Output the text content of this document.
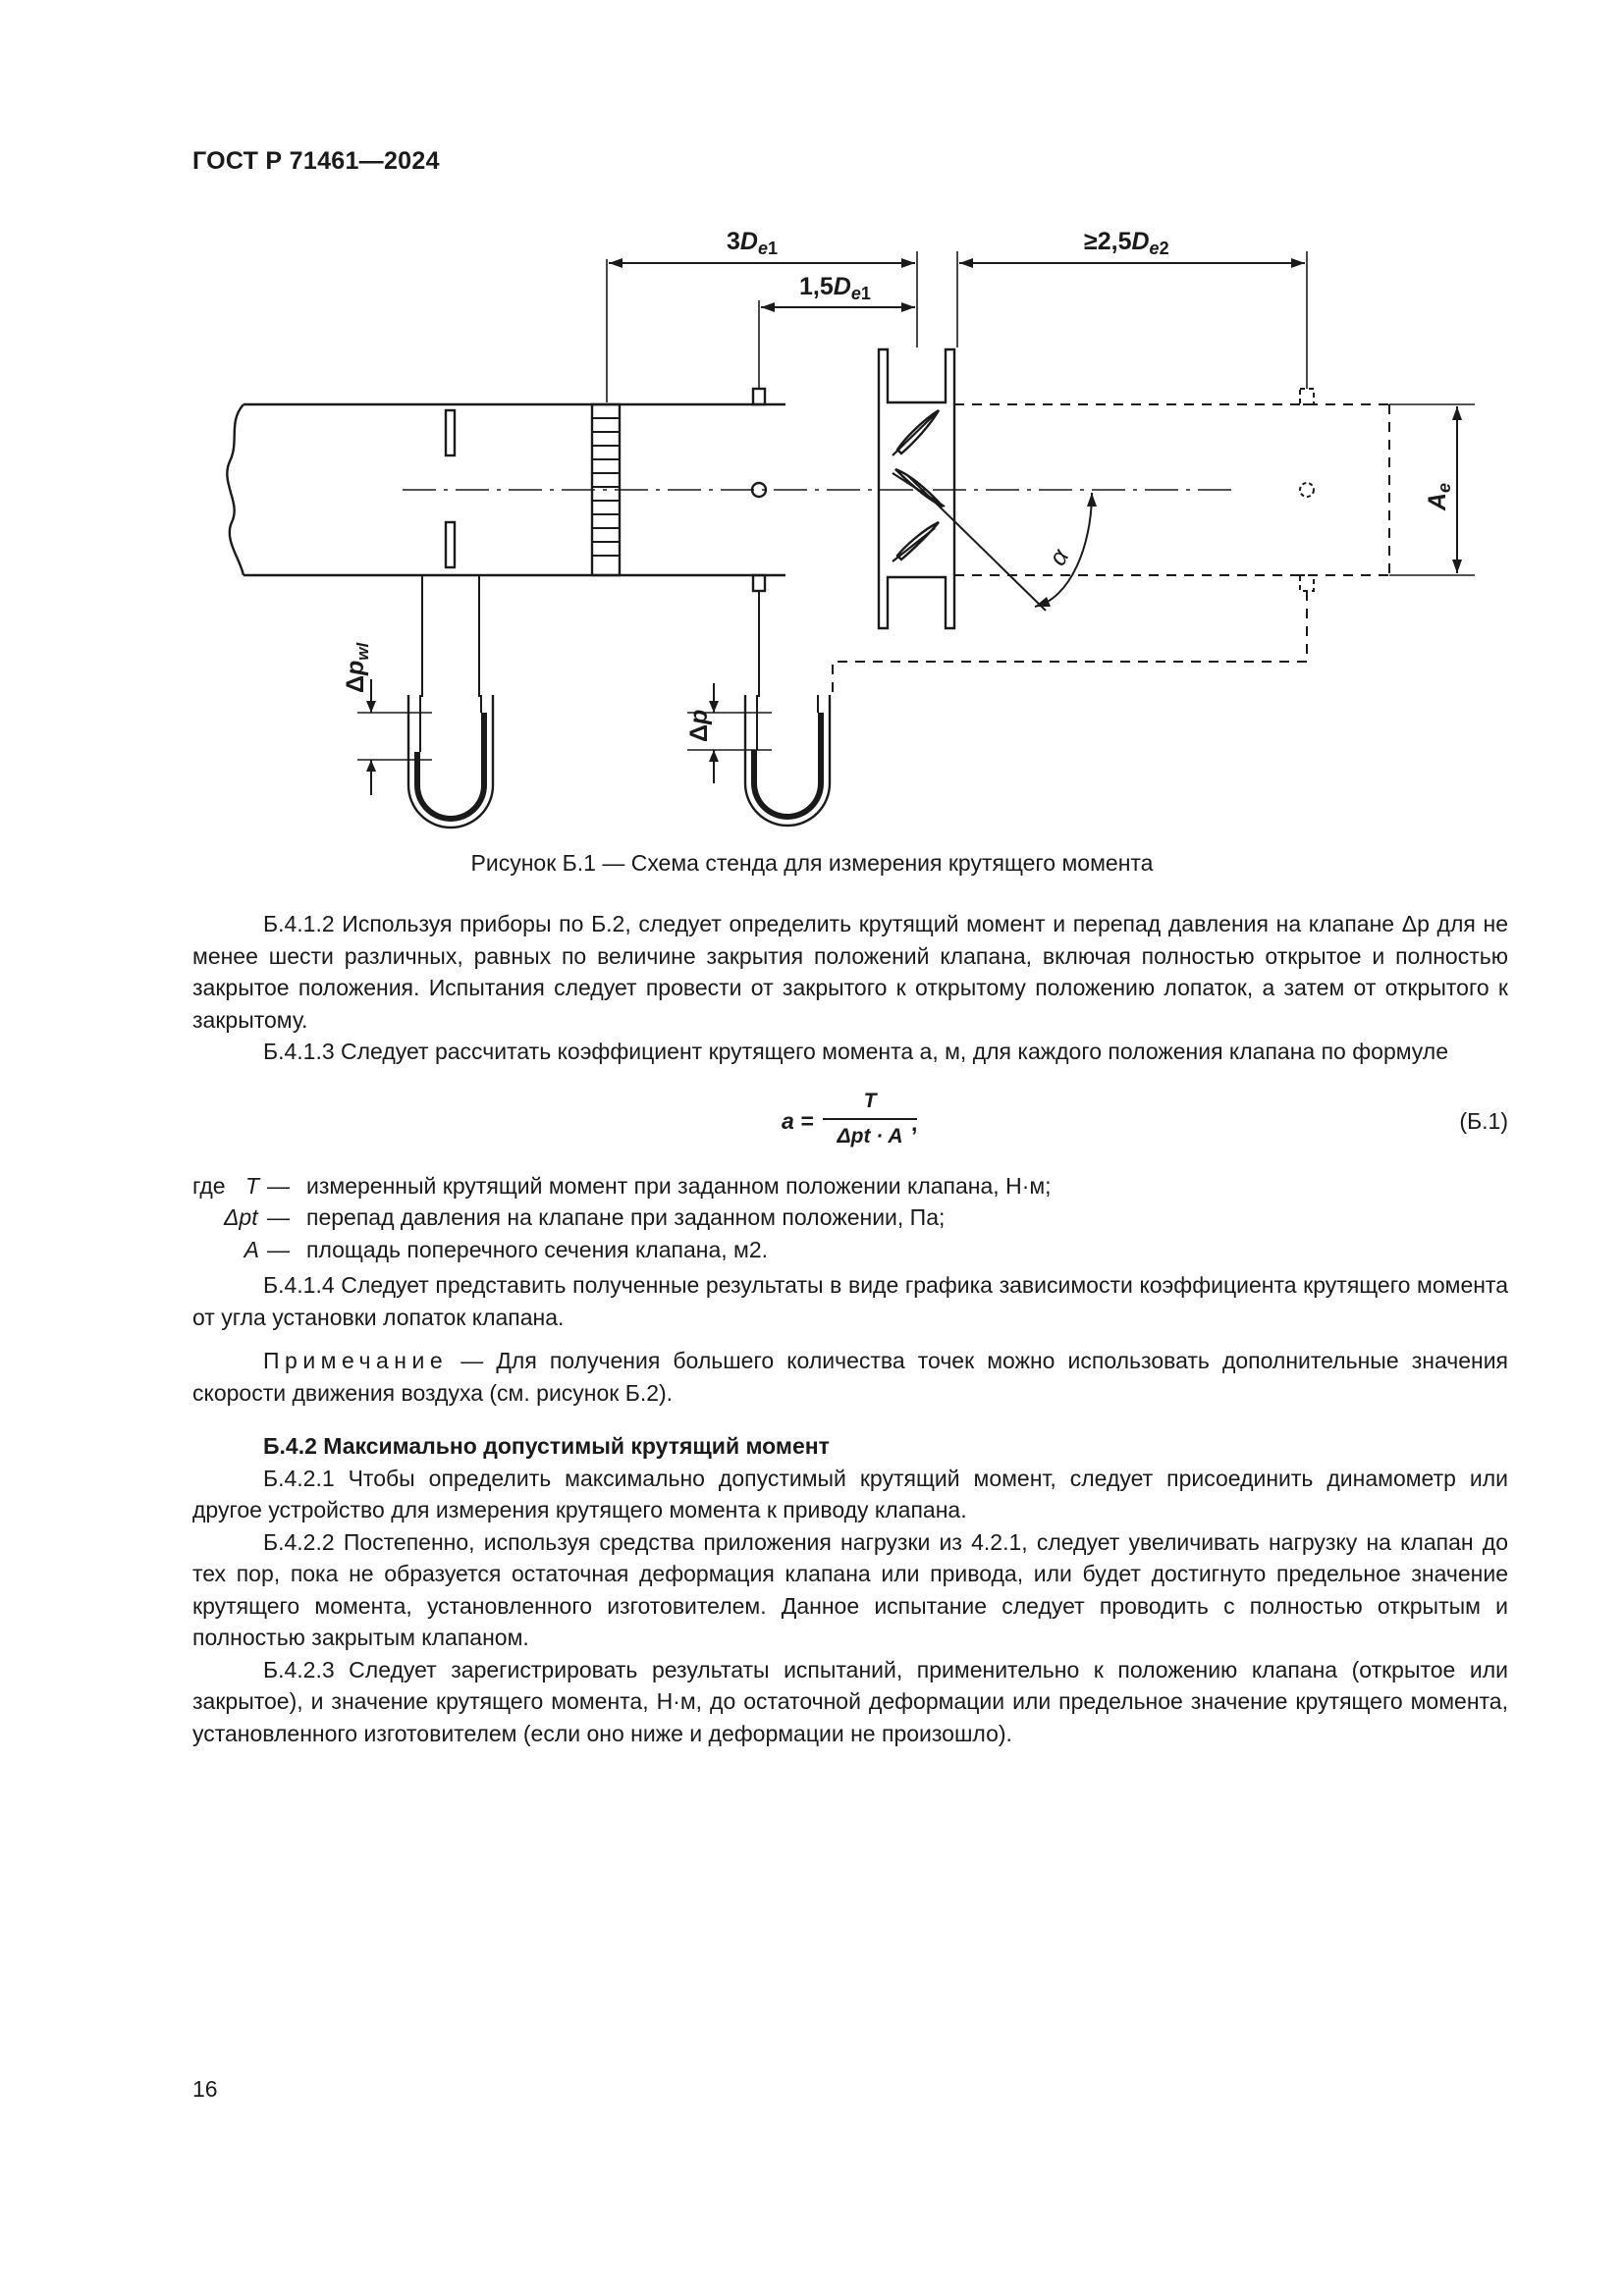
ГОСТ Р 71461—2024
$3D_e1$
$1,5D_e1$
$\ge 2,5D_e2$
$A_e$
α
$\Delta p_{wl}$
Δp
Рисунок Б.1 — Схема стенда для измерения крутящего момента

Б.4.1.2 Используя приборы по Б.2, следует определить крутящий момент и перепад давления на клапане Δp для не менее шести различных, равных по величине закрытия положений клапана, включая полностью открытое и полностью закрытое положения. Испытания следует провести от закрытого к открытому положению лопаток, а затем от открытого к закрытому.

Б.4.1.3 Следует рассчитать коэффициент крутящего момента a, м, для каждого положения клапана по формуле

a =
T
Δpt · A
,	(Б.1)
где T — измеренный крутящий момент при заданном положении клапана, Н·м;
Δpt — перепад давления на клапане при заданном положении, Па;
A — площадь поперечного сечения клапана, м2.

Б.4.1.4 Следует представить полученные результаты в виде графика зависимости коэффициента крутящего момента от угла установки лопаток клапана.

Примечание — Для получения большего количества точек можно использовать дополнительные значения скорости движения воздуха (см. рисунок Б.2).

Б.4.2 Максимально допустимый крутящий момент

Б.4.2.1 Чтобы определить максимально допустимый крутящий момент, следует присоединить динамометр или другое устройство для измерения крутящего момента к приводу клапана.

Б.4.2.2 Постепенно, используя средства приложения нагрузки из 4.2.1, следует увеличивать нагрузку на клапан до тех пор, пока не образуется остаточная деформация клапана или привода, или будет достигнуто предельное значение крутящего момента, установленного изготовителем. Данное испытание следует проводить с полностью открытым и полностью закрытым клапаном.

Б.4.2.3 Следует зарегистрировать результаты испытаний, применительно к положению клапана (открытое или закрытое), и значение крутящего момента, Н·м, до остаточной деформации или предельное значение крутящего момента, установленного изготовителем (если оно ниже и деформации не произошло).

16
